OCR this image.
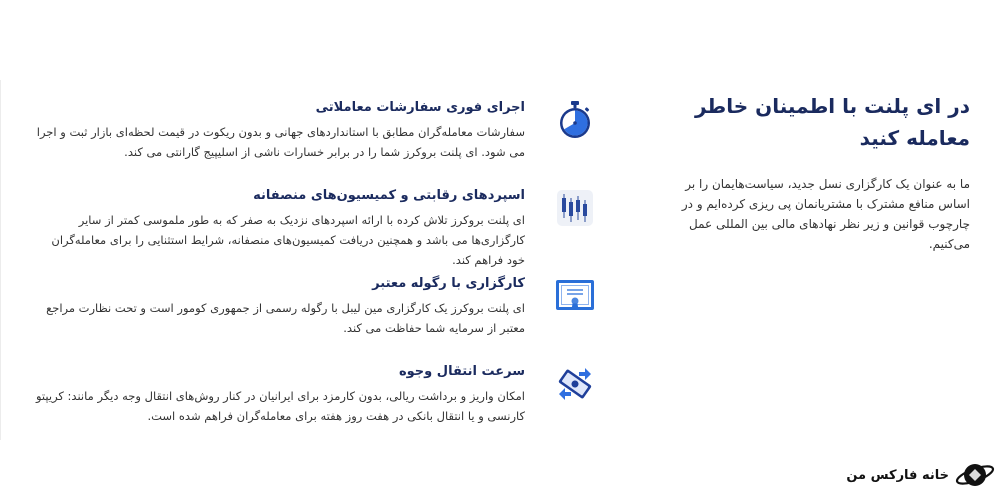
در ای پلنت با اطمینان خاطر معامله کنید

ما به عنوان یک کارگزاری نسل جدید، سیاست‌هایمان را بر اساس منافع مشترک با مشتریانمان پی ریزی کرده‌ایم و در چارچوب قوانین و زیر نظر نهادهای مالی بین المللی عمل می‌کنیم.

اجرای فوری سفارشات معاملاتی

سفارشات معامله‌گران مطابق با استانداردهای جهانی و بدون ریکوت در قیمت لحظه‌ای بازار ثبت و اجرا می شود. ای پلنت بروکرز شما را در برابر خسارات ناشی از اسلیپیج گارانتی می کند.

اسپردهای رقابتی و کمیسیون‌های منصفانه

ای پلنت بروکرز تلاش کرده با ارائه اسپردهای نزدیک به صفر که به طور ملموسی کمتر از سایر کارگزاری‌ها می باشد و همچنین دریافت کمیسیون‌های منصفانه، شرایط استثنایی را برای معامله‌گران خود فراهم کند.

کارگزاری با رگوله معتبر

ای پلنت بروکرز یک کارگزاری مین لیبل با رگوله رسمی از جمهوری کومور است و تحت نظارت مراجع معتبر از سرمایه شما حفاظت می کند.

سرعت انتقال وجوه

امکان واریز و برداشت ریالی، بدون کارمزد برای ایرانیان در کنار روش‌های انتقال وجه دیگر مانند: کریپتو کارنسی و یا انتقال بانکی در هفت روز هفته برای معامله‌گران فراهم شده است.

خانه فارکس من
